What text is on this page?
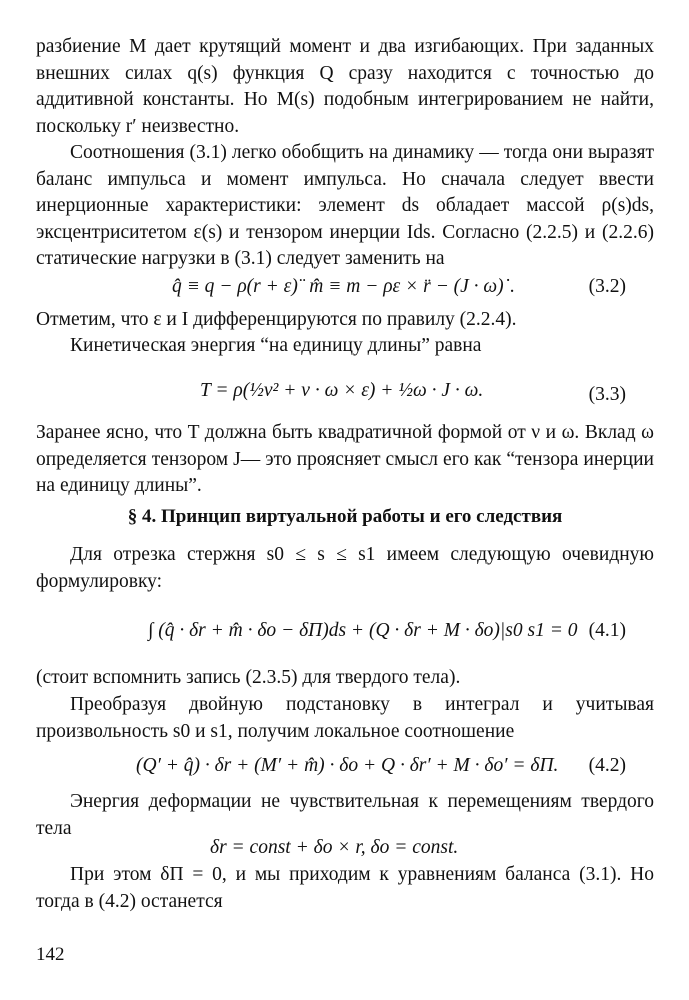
разбиение M дает крутящий момент и два изгибающих. При заданных внешних силах q(s) функция Q сразу находится с точностью до аддитивной константы. Но M(s) подобным интегрированием не найти, поскольку r′ неизвестно.

Соотношения (3.1) легко обобщить на динамику — тогда они выразят баланс импульса и момент импульса. Но сначала следует ввести инерционные характеристики: элемент ds обладает массой ρ(s)ds, эксцентриситетом ε(s) и тензором инерции Ids. Согласно (2.2.5) и (2.2.6) статические нагрузки в (3.1) следует заменить на

q̂ ≡ q − ρ(r + ε)¨ m̂ ≡ m − ρε × r̈ − (J · ω)˙.	(3.2)

Отметим, что ε и I дифференцируются по правилу (2.2.4).

Кинетическая энергия “на единицу длины” равна

T = ρ(½ν² + ν · ω × ε) + ½ω · J · ω.	(3.3)

Заранее ясно, что T должна быть квадратичной формой от ν и ω. Вклад ω определяется тензором J— это проясняет смысл его как “тензора инерции на единицу длины”.

§ 4. Принцип виртуальной работы и его следствия

Для отрезка стержня s0 ≤ s ≤ s1 имеем следующую очевидную формулировку:

∫ (q̂ · δr + m̂ · δo − δΠ)ds + (Q · δr + M · δo)|s0 s1 = 0 (4.1)

(стоит вспомнить запись (2.3.5) для твердого тела).

Преобразуя двойную подстановку в интеграл и учитывая произвольность s0 и s1, получим локальное соотношение

(Q′ + q̂) · δr + (M′ + m̂) · δo + Q · δr′ + M · δo′ = δΠ. (4.2)

Энергия деформации не чувствительная к перемещениям твердого тела

δr = const + δo × r, δo = const.

При этом δΠ = 0, и мы приходим к уравнениям баланса (3.1). Но тогда в (4.2) останется

142
